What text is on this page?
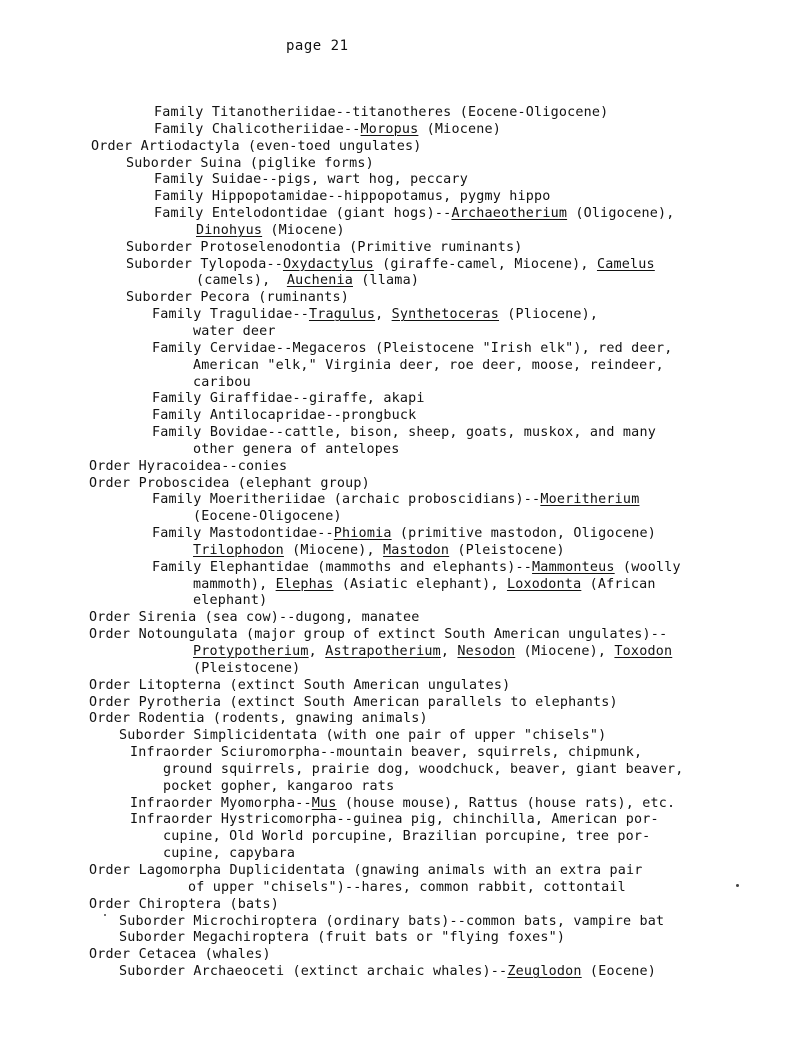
page 21
Family Titanotheriidae--titanotheres (Eocene-Oligocene)
Family Chalicotheriidae--Moropus (Miocene)
Order Artiodactyla (even-toed ungulates)
Suborder Suina (piglike forms)
Family Suidae--pigs, wart hog, peccary
Family Hippopotamidae--hippopotamus, pygmy hippo
Family Entelodontidae (giant hogs)--Archaeotherium (Oligocene),
Dinohyus (Miocene)
Suborder Protoselenodontia (Primitive ruminants)
Suborder Tylopoda--Oxydactylus (giraffe-camel, Miocene), Camelus
(camels),  Auchenia (llama)
Suborder Pecora (ruminants)
Family Tragulidae--Tragulus, Synthetoceras (Pliocene),
water deer
Family Cervidae--Megaceros (Pleistocene "Irish elk"), red deer,
American "elk," Virginia deer, roe deer, moose, reindeer,
caribou
Family Giraffidae--giraffe, akapi
Family Antilocapridae--prongbuck
Family Bovidae--cattle, bison, sheep, goats, muskox, and many
other genera of antelopes
Order Hyracoidea--conies
Order Proboscidea (elephant group)
Family Moeritheriidae (archaic proboscidians)--Moeritherium
(Eocene-Oligocene)
Family Mastodontidae--Phiomia (primitive mastodon, Oligocene)
Trilophodon (Miocene), Mastodon (Pleistocene)
Family Elephantidae (mammoths and elephants)--Mammonteus (woolly
mammoth), Elephas (Asiatic elephant), Loxodonta (African
elephant)
Order Sirenia (sea cow)--dugong, manatee
Order Notoungulata (major group of extinct South American ungulates)--
Protypotherium, Astrapotherium, Nesodon (Miocene), Toxodon
(Pleistocene)
Order Litopterna (extinct South American ungulates)
Order Pyrotheria (extinct South American parallels to elephants)
Order Rodentia (rodents, gnawing animals)
Suborder Simplicidentata (with one pair of upper "chisels")
Infraorder Sciuromorpha--mountain beaver, squirrels, chipmunk,
ground squirrels, prairie dog, woodchuck, beaver, giant beaver,
pocket gopher, kangaroo rats
Infraorder Myomorpha--Mus (house mouse), Rattus (house rats), etc.
Infraorder Hystricomorpha--guinea pig, chinchilla, American por-
cupine, Old World porcupine, Brazilian porcupine, tree por-
cupine, capybara
Order Lagomorpha Duplicidentata (gnawing animals with an extra pair
of upper "chisels")--hares, common rabbit, cottontail
Order Chiroptera (bats)
Suborder Microchiroptera (ordinary bats)--common bats, vampire bat
Suborder Megachiroptera (fruit bats or "flying foxes")
Order Cetacea (whales)
Suborder Archaeoceti (extinct archaic whales)--Zeuglodon (Eocene)
